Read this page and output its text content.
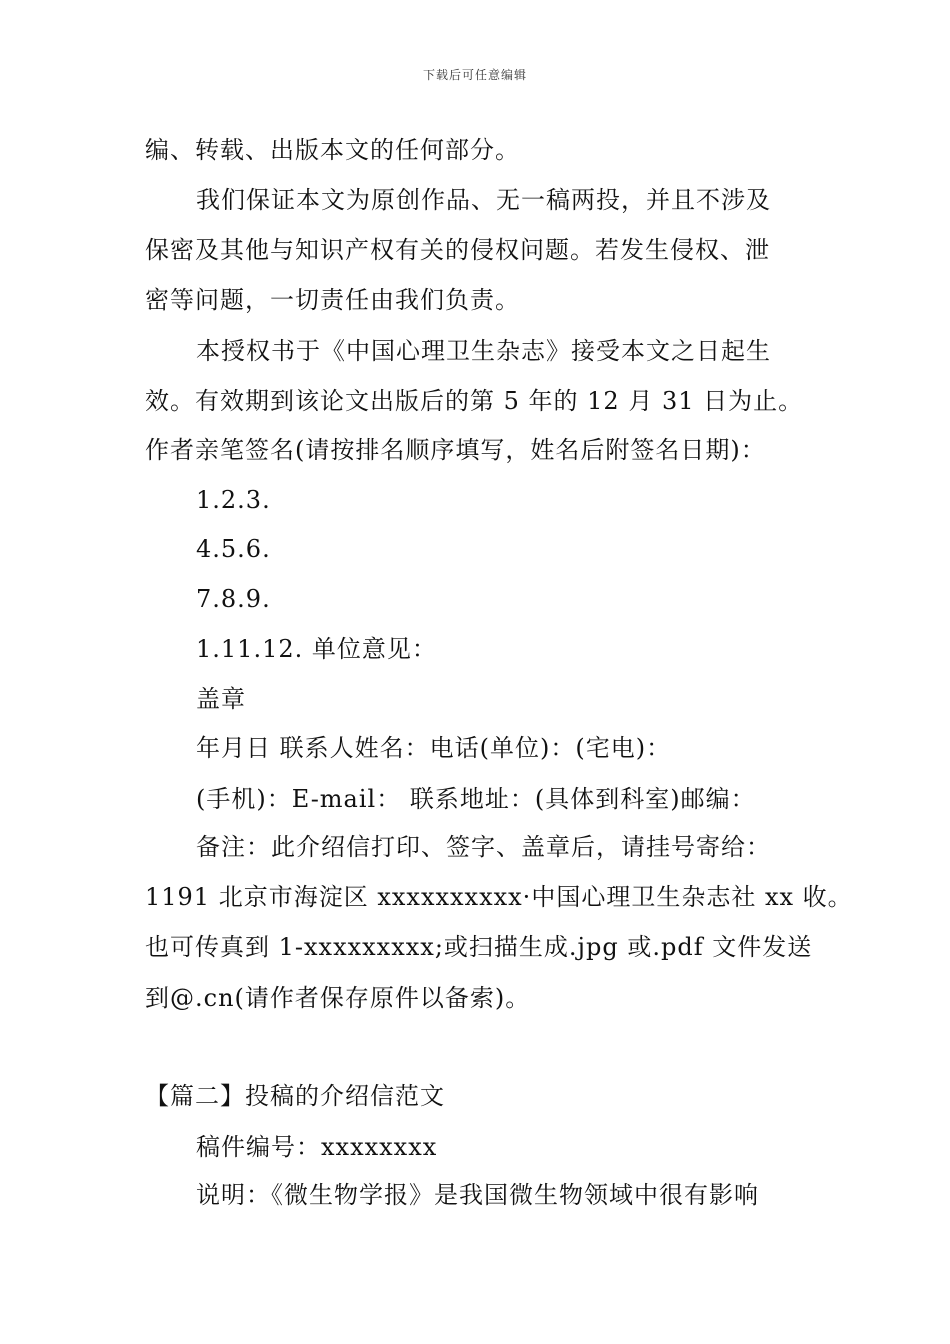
下载后可任意编辑
编、转载、出版本文的任何部分。
我们保证本文为原创作品、无一稿两投，并且不涉及
保密及其他与知识产权有关的侵权问题。若发生侵权、泄
密等问题，一切责任由我们负责。
本授权书于《中国心理卫生杂志》接受本文之日起生
效。有效期到该论文出版后的第 5 年的 12 月 31 日为止。
作者亲笔签名(请按排名顺序填写，姓名后附签名日期)：
1.2.3.
4.5.6.
7.8.9.
1.11.12. 单位意见：
盖章
年月日 联系人姓名：电话(单位)：(宅电)：
(手机)：E-mail： 联系地址：(具体到科室)邮编：
备注：此介绍信打印、签字、盖章后，请挂号寄给：
1191 北京市海淀区 xxxxxxxxxx·中国心理卫生杂志社 xx 收。
也可传真到 1-xxxxxxxxx;或扫描生成.jpg 或.pdf 文件发送
到@.cn(请作者保存原件以备索)。
【篇二】投稿的介绍信范文
稿件编号：xxxxxxxx
说明：《微生物学报》是我国微生物领域中很有影响
